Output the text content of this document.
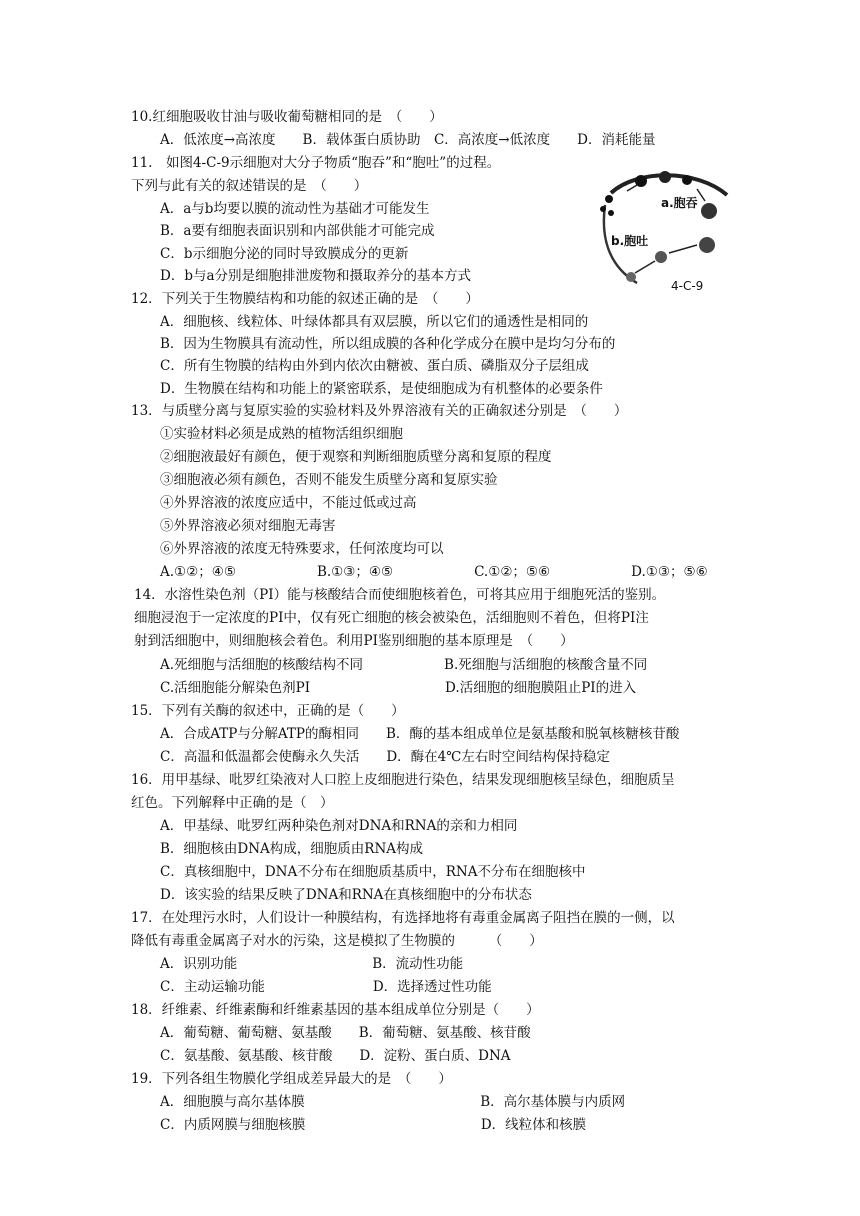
10.红细胞吸收甘油与吸收葡萄糖相同的是　（　　）
A．低浓度→高浓度　　B．载体蛋白质协助　C．高浓度→低浓度　　D．消耗能量
11.　如图4-C-9示细胞对大分子物质“胞吞”和“胞吐”的过程。
下列与此有关的叙述错误的是　（　　）
A．a与b均要以膜的流动性为基础才可能发生
B．a要有细胞表面识别和内部供能才可能完成
C．b示细胞分泌的同时导致膜成分的更新
D．b与a分别是细胞排泄废物和摄取养分的基本方式
a.胞吞
b.胞吐
4-C-9
12．下列关于生物膜结构和功能的叙述正确的是　（　　）
A．细胞核、线粒体、叶绿体都具有双层膜，所以它们的通透性是相同的
B．因为生物膜具有流动性，所以组成膜的各种化学成分在膜中是均匀分布的
C．所有生物膜的结构由外到内依次由糖被、蛋白质、磷脂双分子层组成
D．生物膜在结构和功能上的紧密联系，是使细胞成为有机整体的必要条件
13．与质壁分离与复原实验的实验材料及外界溶液有关的正确叙述分别是　（　　）
①实验材料必须是成熟的植物活组织细胞
②细胞液最好有颜色，便于观察和判断细胞质壁分离和复原的程度
③细胞液必须有颜色，否则不能发生质壁分离和复原实验
④外界溶液的浓度应适中，不能过低或过高
⑤外界溶液必须对细胞无毒害
⑥外界溶液的浓度无特殊要求，任何浓度均可以
A.①②；④⑤　　　　　　B.①③；④⑤　　　　　　C.①②；⑤⑥　　　　　　D.①③；⑤⑥
14．水溶性染色剂（PI）能与核酸结合而使细胞核着色，可将其应用于细胞死活的鉴别。
细胞浸泡于一定浓度的PI中，仅有死亡细胞的核会被染色，活细胞则不着色，但将PI注
射到活细胞中，则细胞核会着色。利用PI鉴别细胞的基本原理是　（　　）
A.死细胞与活细胞的核酸结构不同　　　　　　B.死细胞与活细胞的核酸含量不同
C.活细胞能分解染色剂PI　　　　　　　　　　D.活细胞的细胞膜阻止PI的进入
15．下列有关酶的叙述中，正确的是（　　）
A．合成ATP与分解ATP的酶相同　　B．酶的基本组成单位是氨基酸和脱氧核糖核苷酸
C．高温和低温都会使酶永久失活　　D．酶在4℃左右时空间结构保持稳定
16．用甲基绿、吡罗红染液对人口腔上皮细胞进行染色，结果发现细胞核呈绿色，细胞质呈
红色。下列解释中正确的是（　）
A．甲基绿、吡罗红两种染色剂对DNA和RNA的亲和力相同
B．细胞核由DNA构成，细胞质由RNA构成
C．真核细胞中，DNA不分布在细胞质基质中，RNA不分布在细胞核中
D．该实验的结果反映了DNA和RNA在真核细胞中的分布状态
17．在处理污水时，人们设计一种膜结构，有选择地将有毒重金属离子阻挡在膜的一侧，以
降低有毒重金属离子对水的污染，这是模拟了生物膜的　　　（　　）
A．识别功能　　　　　　　　　　B．流动性功能
C．主动运输功能　　　　　　　　D．选择透过性功能
18．纤维素、纤维素酶和纤维素基因的基本组成单位分别是（　　）
A．葡萄糖、葡萄糖、氨基酸　　B．葡萄糖、氨基酸、核苷酸
C．氨基酸、氨基酸、核苷酸　　D．淀粉、蛋白质、DNA
19．下列各组生物膜化学组成差异最大的是　（　　）
A．细胞膜与高尔基体膜　　　　　　　　　　　　　B．高尔基体膜与内质网
C．内质网膜与细胞核膜　　　　　　　　　　　　　D．线粒体和核膜
